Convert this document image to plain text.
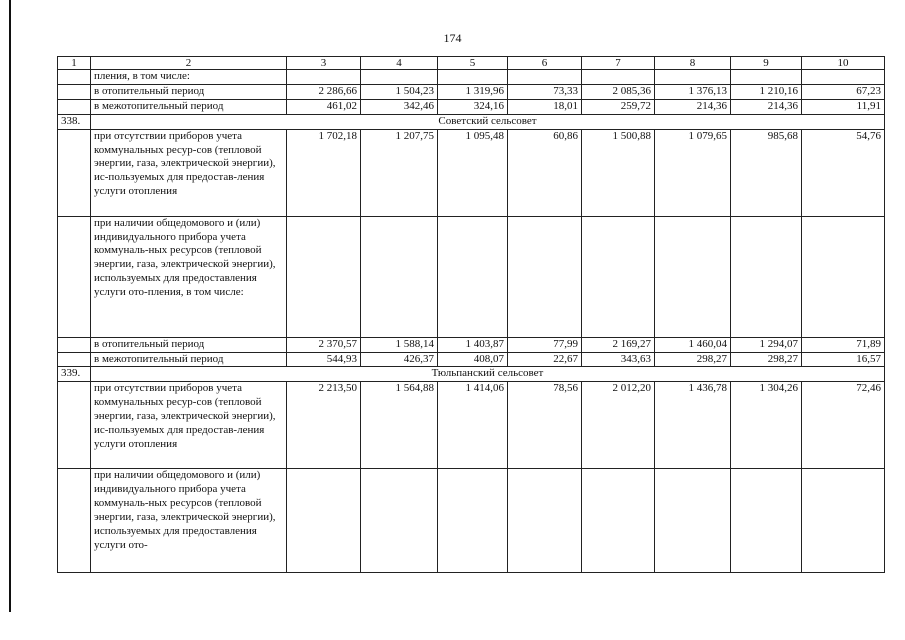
174
1	2	3	4	5	6	7	8	9	10
	пления, в том числе:								
	в отопительный период	2 286,66	1 504,23	1 319,96	73,33	2 085,36	1 376,13	1 210,16	67,23
	в межотопительный период	461,02	342,46	324,16	18,01	259,72	214,36	214,36	11,91
338.	Советский сельсовет								
	при отсутствии приборов учета коммунальных ресур-сов (тепловой энергии, газа, электрической энергии), ис-пользуемых для предостав-ления услуги отопления	1 702,18	1 207,75	1 095,48	60,86	1 500,88	1 079,65	985,68	54,76
	при наличии общедомового и (или) индивидуального прибора учета коммуналь-ных ресурсов (тепловой энергии, газа, электрической энергии), используемых для предоставления услуги ото-пления, в том числе:								
	в отопительный период	2 370,57	1 588,14	1 403,87	77,99	2 169,27	1 460,04	1 294,07	71,89
	в межотопительный период	544,93	426,37	408,07	22,67	343,63	298,27	298,27	16,57
339.	Тюльпанский сельсовет								
	при отсутствии приборов учета коммунальных ресур-сов (тепловой энергии, газа, электрической энергии), ис-пользуемых для предостав-ления услуги отопления	2 213,50	1 564,88	1 414,06	78,56	2 012,20	1 436,78	1 304,26	72,46
	при наличии общедомового и (или) индивидуального прибора учета коммуналь-ных ресурсов (тепловой энергии, газа, электрической энергии), используемых для предоставления услуги ото-								
